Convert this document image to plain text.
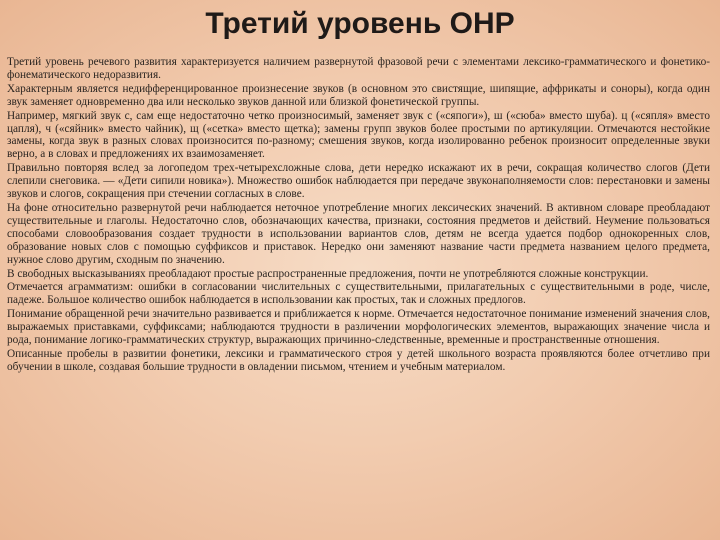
Третий уровень ОНР

Третий уровень речевого развития характеризуется наличием развернутой фразовой речи с элементами лексико-грамматического и фонетико-фонематического недоразвития.

Характерным является недифференцированное произнесение звуков (в основном это свистящие, шипящие, аффрикаты и соноры), когда один звук заменяет одновременно два или несколько звуков данной или близкой фонетической группы.

Например, мягкий звук с, сам еще недостаточно четко произносимый, заменяет звук с («сяпоги»), ш («сюба» вместо шуба). ц («сяпля» вместо цапля), ч («сяйник» вместо чайник), щ («сетка» вместо щетка); замены групп звуков более простыми по артикуляции. Отмечаются нестойкие замены, когда звук в разных словах произносится по-разному; смешения звуков, когда изолированно ребенок произносит определенные звуки верно, а в словах и предложениях их взаимозаменяет.

Правильно повторяя вслед за логопедом трех-четырехсложные слова, дети нередко искажают их в речи, сокращая количество слогов (Дети слепили снеговика. — «Дети сипили новика»). Множество ошибок наблюдается при передаче звуконаполняемости слов: перестановки и замены звуков и слогов, сокращения при стечении согласных в слове.

На фоне относительно развернутой речи наблюдается неточное употребление многих лексических значений. В активном словаре преобладают существительные и глаголы. Недостаточно слов, обозначающих качества, признаки, состояния предметов и действий. Неумение пользоваться способами словообразования создает трудности в использовании вариантов слов, детям не всегда удается подбор однокоренных слов, образование новых слов с помощью суффиксов и приставок. Нередко они заменяют название части предмета названием целого предмета, нужное слово другим, сходным по значению.

В свободных высказываниях преобладают простые распространенные предложения, почти не употребляются сложные конструкции.

Отмечается аграмматизм: ошибки в согласовании числительных с существительными, прилагательных с существительными в роде, числе, падеже. Большое количество ошибок наблюдается в использовании как простых, так и сложных предлогов.

Понимание обращенной речи значительно развивается и приближается к норме. Отмечается недостаточное понимание изменений значения слов, выражаемых приставками, суффиксами; наблюдаются трудности в различении морфологических элементов, выражающих значение числа и рода, понимание логико-грамматических структур, выражающих причинно-следственные, временные и пространственные отношения.

Описанные пробелы в развитии фонетики, лексики и грамматического строя у детей школьного возраста проявляются более отчетливо при обучении в школе, создавая большие трудности в овладении письмом, чтением и учебным материалом.
